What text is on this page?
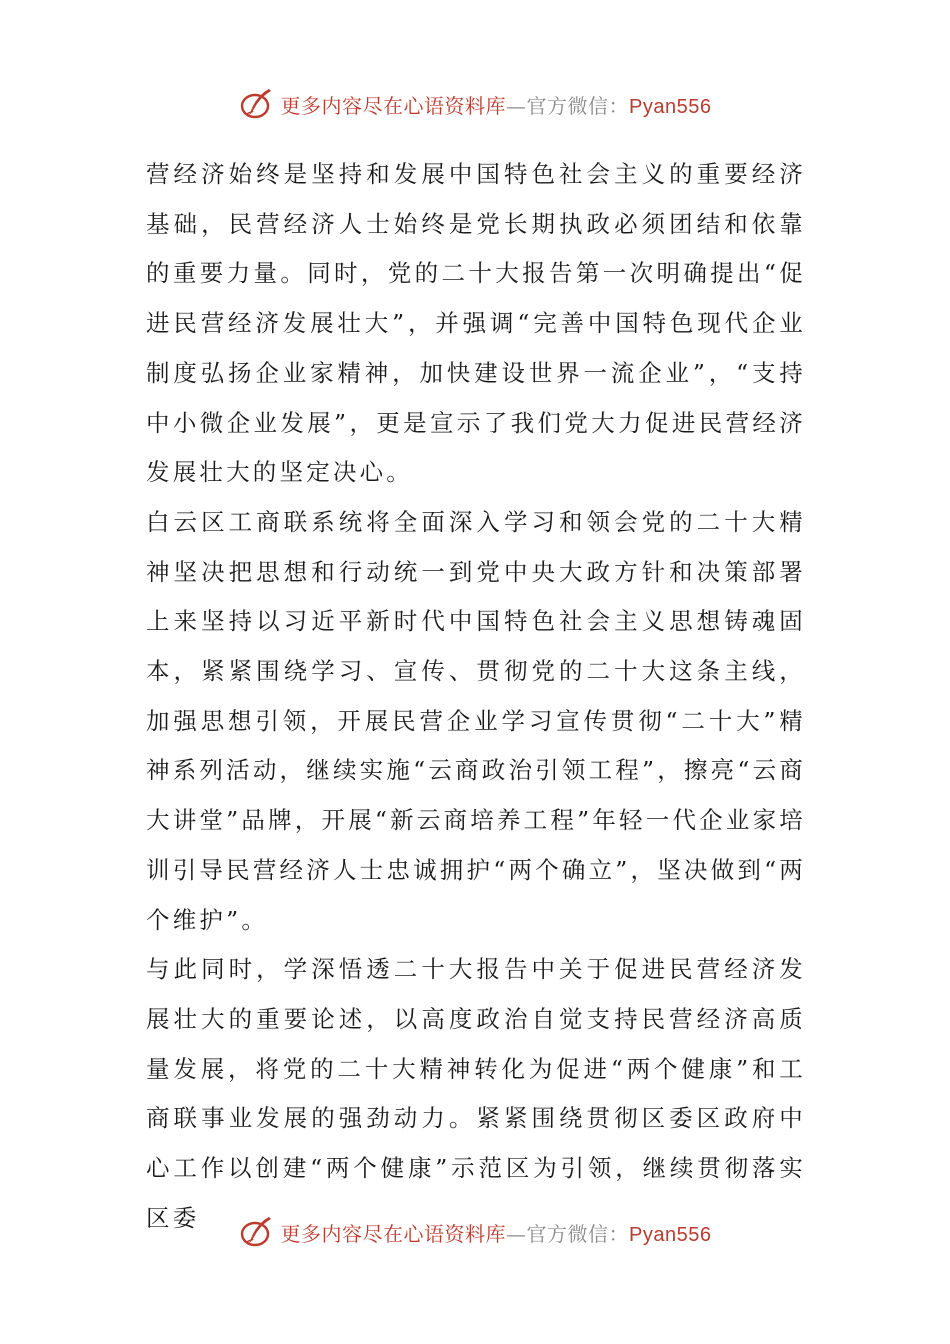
更多内容尽在心语资料库—官方微信：Pyan556

营经济始终是坚持和发展中国特色社会主义的重要经济基础，民营经济人士始终是党长期执政必须团结和依靠的重要力量。同时，党的二十大报告第一次明确提出“促进民营经济发展壮大”，并强调“完善中国特色现代企业制度弘扬企业家精神，加快建设世界一流企业”，“支持中小微企业发展”，更是宣示了我们党大力促进民营经济发展壮大的坚定决心。

白云区工商联系统将全面深入学习和领会党的二十大精神坚决把思想和行动统一到党中央大政方针和决策部署上来坚持以习近平新时代中国特色社会主义思想铸魂固本，紧紧围绕学习、宣传、贯彻党的二十大这条主线，加强思想引领，开展民营企业学习宣传贯彻“二十大”精神系列活动，继续实施“云商政治引领工程”，擦亮“云商大讲堂”品牌，开展“新云商培养工程”年轻一代企业家培训引导民营经济人士忠诚拥护“两个确立”，坚决做到“两个维护”。

与此同时，学深悟透二十大报告中关于促进民营经济发展壮大的重要论述，以高度政治自觉支持民营经济高质量发展，将党的二十大精神转化为促进“两个健康”和工商联事业发展的强劲动力。紧紧围绕贯彻区委区政府中心工作以创建“两个健康”示范区为引领，继续贯彻落实区委

更多内容尽在心语资料库—官方微信：Pyan556
